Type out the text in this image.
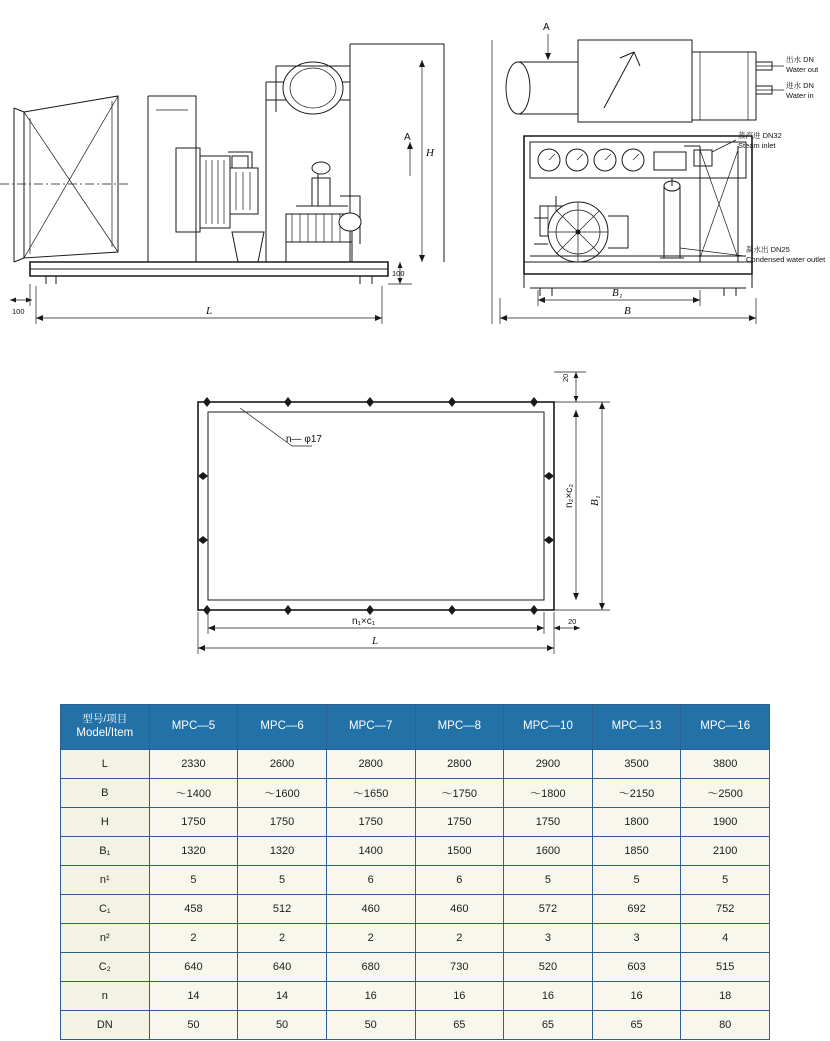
H
A
100
100	L
A
出水 DN
Water out
进水 DN
Water in
蒸汽进 DN32
Steam inlet
凝水出 DN25
Condensed water outlet
B₁
B
n— φ17
20
n₂×c₂ B₁
n₁×c₁	20
L
型号/项目
Model/Item	MPC—5	MPC—6	MPC—7	MPC—8	MPC—10	MPC—13	MPC—16
L	2330	2600	2800	2800	2900	3500	3800
B	～1400	～1600	～1650	～1750	～1800	～2150	～2500
H	1750	1750	1750	1750	1750	1800	1900
B₁	1320	1320	1400	1500	1600	1850	2100
n¹	5	5	6	6	5	5	5
C₁	458	512	460	460	572	692	752
n²	2	2	2	2	3	3	4
C₂	640	640	680	730	520	603	515
n	14	14	16	16	16	16	18
DN	50	50	50	65	65	65	80
